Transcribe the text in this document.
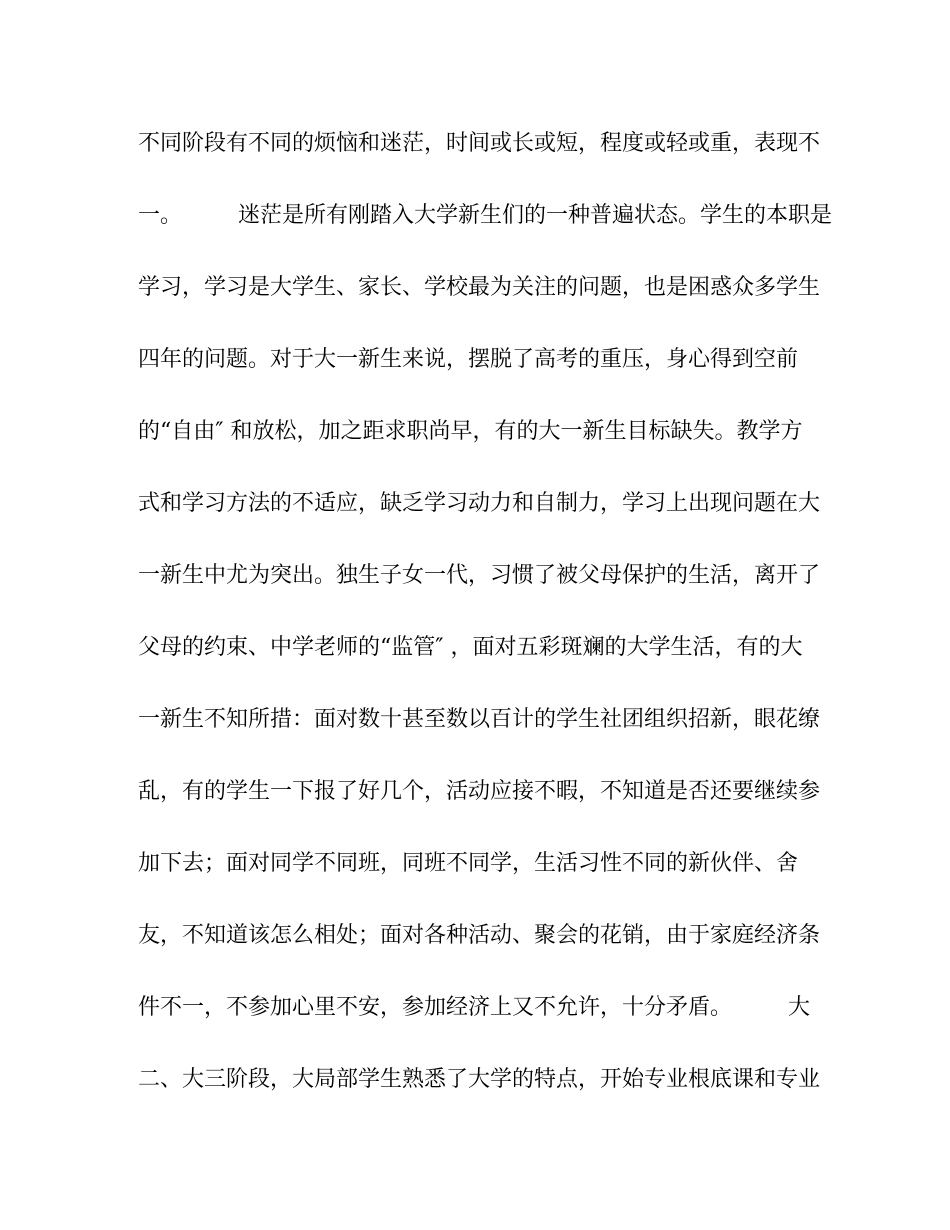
不同阶段有不同的烦恼和迷茫，时间或长或短，程度或轻或重，表现不
一。        迷茫是所有刚踏入大学新生们的一种普遍状态。学生的本职是
学习，学习是大学生、家长、学校最为关注的问题，也是困惑众多学生
四年的问题。对于大一新生来说，摆脱了高考的重压，身心得到空前
的“自由″ 和放松，加之距求职尚早，有的大一新生目标缺失。教学方
式和学习方法的不适应，缺乏学习动力和自制力，学习上出现问题在大
一新生中尤为突出。独生子女一代，习惯了被父母保护的生活，离开了
父母的约束、中学老师的“监管″ ，面对五彩斑斓的大学生活，有的大
一新生不知所措：面对数十甚至数以百计的学生社团组织招新，眼花缭
乱，有的学生一下报了好几个，活动应接不暇，不知道是否还要继续参
加下去；面对同学不同班，同班不同学，生活习性不同的新伙伴、舍
友，不知道该怎么相处；面对各种活动、聚会的花销，由于家庭经济条
件不一，不参加心里不安，参加经济上又不允许，十分矛盾。        大
二、大三阶段，大局部学生熟悉了大学的特点，开始专业根底课和专业
